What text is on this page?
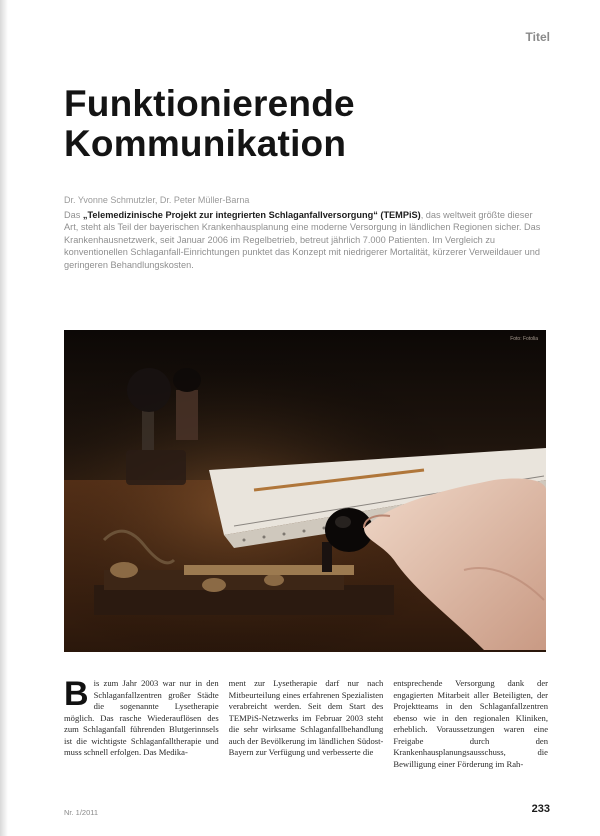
Titel
Funktionierende
Kommunikation
Dr. Yvonne Schmutzler, Dr. Peter Müller-Barna

Das „Telemedizinische Projekt zur integrierten Schlaganfallversorgung“ (TEMPiS), das weltweit größte dieser Art, steht als Teil der bayerischen Krankenhausplanung eine moderne Versorgung in ländlichen Regionen sicher. Das Krankenhausnetzwerk, seit Januar 2006 im Regelbetrieb, betreut jährlich 7.000 Patienten. Im Vergleich zu konventionellen Schlaganfall-Einrichtungen punktet das Konzept mit niedrigerer Mortalität, kürzerer Verweildauer und geringeren Behandlungskosten.

Foto: Fotolia
Bis zum Jahr 2003 war nur in den Schlaganfallzentren großer Städte die sogenannte Lysetherapie möglich. Das rasche Wiederauflösen des zum Schlaganfall führenden Blutgerinnsels ist die wichtigste Schlaganfalltherapie und muss schnell erfolgen. Das Medika-
ment zur Lysetherapie darf nur nach Mitbeurteilung eines erfahrenen Spezialisten verabreicht werden. Seit dem Start des TEMPiS-Netzwerks im Februar 2003 steht die sehr wirksame Schlaganfallbehandlung auch der Bevölkerung im ländlichen Südost-Bayern zur Verfügung und verbesserte die
entsprechende Versorgung dank der engagierten Mitarbeit aller Beteiligten, der Projektteams in den Schlaganfallzentren ebenso wie in den regionalen Kliniken, erheblich. Voraussetzungen waren eine Freigabe durch den Krankenhausplanungsausschuss, die Bewilligung einer Förderung im Rah-
Nr. 1/2011	233
